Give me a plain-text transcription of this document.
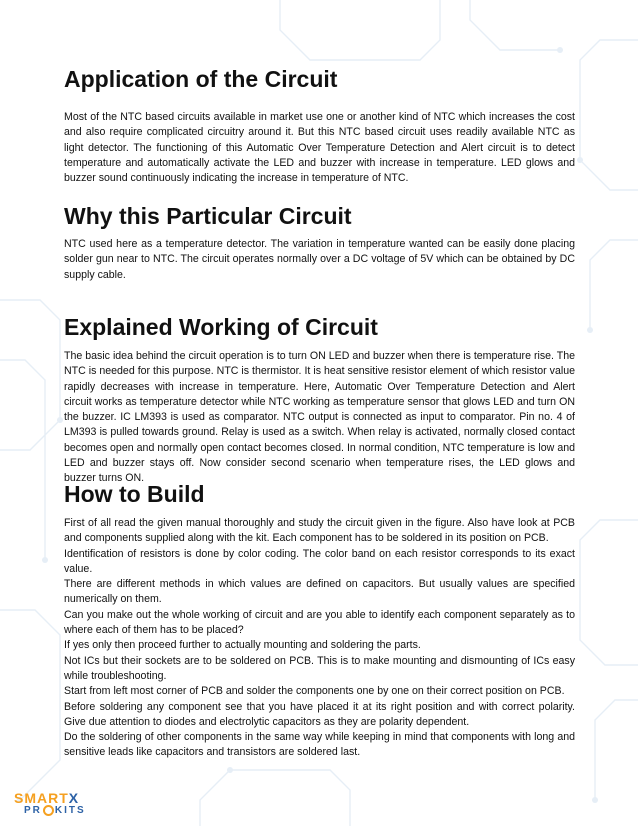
Application of the Circuit

Most of the NTC based circuits available in market use one or another kind of NTC which increases the cost and also require complicated circuitry around it. But this NTC based circuit uses readily available NTC as light detector. The functioning of this Automatic Over Temperature Detection and Alert circuit is to detect temperature and automatically activate the LED and buzzer with increase in temperature. LED glows and buzzer sound continuously indicating the increase in temperature of NTC.

Why this Particular Circuit

NTC used here as a temperature detector. The variation in temperature wanted can be easily done placing solder gun near to NTC. The circuit operates normally over a DC voltage of 5V which can be obtained by DC supply cable.

Explained Working of Circuit

The basic idea behind the circuit operation is to turn ON LED and buzzer when there is temperature rise. The NTC is needed for this purpose. NTC is thermistor. It is heat sensitive resistor element of which resistor value rapidly decreases with increase in temperature. Here, Automatic Over Temperature Detection and Alert circuit works as temperature detector while NTC working as temperature sensor that glows LED and turn ON the buzzer. IC LM393 is used as comparator. NTC output is connected as input to comparator. Pin no. 4 of LM393 is pulled towards ground. Relay is used as a switch. When relay is activated, normally closed contact becomes open and normally open contact becomes closed. In normal condition, NTC temperature is low and LED and buzzer stays off. Now consider second scenario when temperature rises, the LED glows and buzzer turns ON.

How to Build

First of all read the given manual thoroughly and study the circuit given in the figure. Also have look at PCB and components supplied along with the kit. Each component has to be soldered in its position on PCB.

Identification of resistors is done by color coding. The color band on each resistor corresponds to its exact value.

There are different methods in which values are defined on capacitors. But usually values are specified numerically on them.

Can you make out the whole working of circuit and are you able to identify each component separately as to where each of them has to be placed?

If yes only then proceed further to actually mounting and soldering the parts.

Not ICs but their sockets are to be soldered on PCB. This is to make mounting and dismounting of ICs easy while troubleshooting.

Start from left most corner of PCB and solder the components one by one on their correct position on PCB.

Before soldering any component see that you have placed it at its right position and with correct polarity. Give due attention to diodes and electrolytic capacitors as they are polarity dependent.

Do the soldering of other components in the same way while keeping in mind that components with long and sensitive leads like capacitors and transistors are soldered last.

SMARTX
PR KITS
